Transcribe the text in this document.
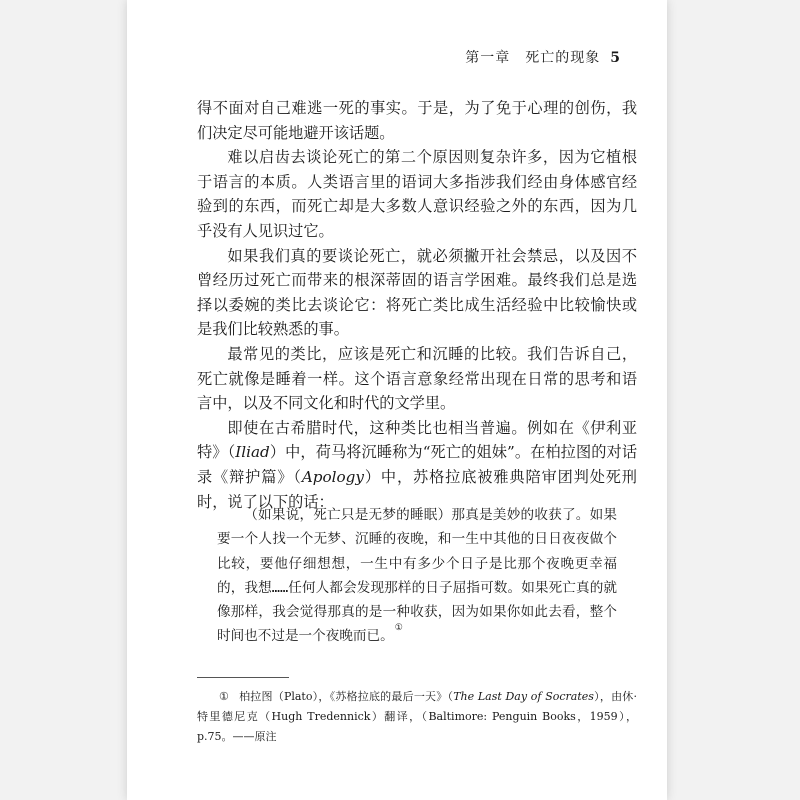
第一章　死亡的现象 5

得不面对自己难逃一死的事实。于是，为了免于心理的创伤，我们决定尽可能地避开该话题。

难以启齿去谈论死亡的第二个原因则复杂许多，因为它植根于语言的本质。人类语言里的语词大多指涉我们经由身体感官经验到的东西，而死亡却是大多数人意识经验之外的东西，因为几乎没有人见识过它。

如果我们真的要谈论死亡，就必须撇开社会禁忌，以及因不曾经历过死亡而带来的根深蒂固的语言学困难。最终我们总是选择以委婉的类比去谈论它：将死亡类比成生活经验中比较愉快或是我们比较熟悉的事。

最常见的类比，应该是死亡和沉睡的比较。我们告诉自己，死亡就像是睡着一样。这个语言意象经常出现在日常的思考和语言中，以及不同文化和时代的文学里。

即使在古希腊时代，这种类比也相当普遍。例如在《伊利亚特》（Iliad）中，荷马将沉睡称为“死亡的姐妹”。在柏拉图的对话录《辩护篇》（Apology）中，苏格拉底被雅典陪审团判处死刑时，说了以下的话：

（如果说，死亡只是无梦的睡眠）那真是美妙的收获了。如果要一个人找一个无梦、沉睡的夜晚，和一生中其他的日日夜夜做个比较，要他仔细想想，一生中有多少个日子是比那个夜晚更幸福的，我想……任何人都会发现那样的日子屈指可数。如果死亡真的就像那样，我会觉得那真的是一种收获，因为如果你如此去看，整个时间也不过是一个夜晚而已。①

① 柏拉图（Plato），《苏格拉底的最后一天》（The Last Day of Socrates），由休·特里德尼克（Hugh Tredennick）翻译，（Baltimore: Penguin Books，1959），p.75。——原注
